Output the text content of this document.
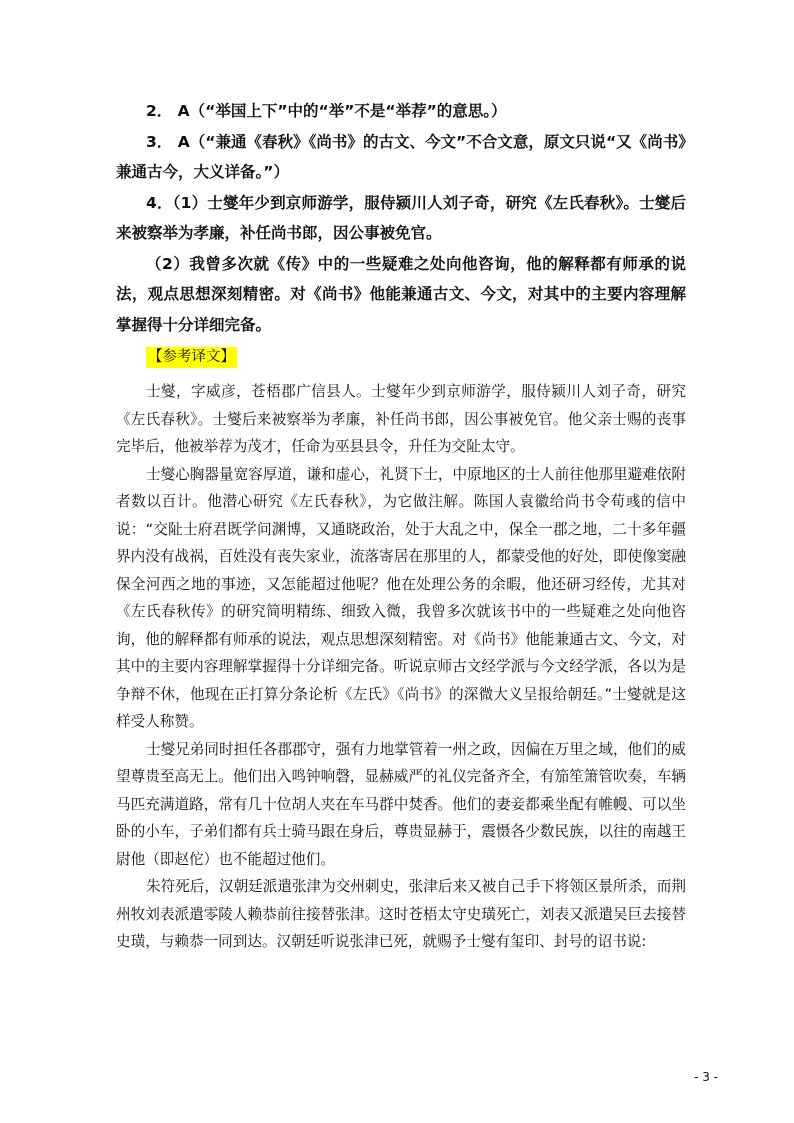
2． A（“举国上下”中的“举”不是“举荐”的意思。）

3． A（“兼通《春秋》《尚书》的古文、今文”不合文意，原文只说“又《尚书》兼通古今，大义详备。”）

4．（1）士燮年少到京师游学，服侍颍川人刘子奇，研究《左氏春秋》。士燮后来被察举为孝廉，补任尚书郎，因公事被免官。

（2）我曾多次就《传》中的一些疑难之处向他咨询，他的解释都有师承的说法，观点思想深刻精密。对《尚书》他能兼通古文、今文，对其中的主要内容理解掌握得十分详细完备。

【参考译文】

士燮，字威彦，苍梧郡广信县人。士燮年少到京师游学，服侍颍川人刘子奇，研究《左氏春秋》。士燮后来被察举为孝廉，补任尚书郎，因公事被免官。他父亲士赐的丧事完毕后，他被举荐为茂才，任命为巫县县令，升任为交阯太守。

士燮心胸器量宽容厚道，谦和虚心，礼贤下士，中原地区的士人前往他那里避难依附者数以百计。他潜心研究《左氏春秋》，为它做注解。陈国人袁徽给尚书令荀彧的信中说：“交阯士府君既学问渊博，又通晓政治，处于大乱之中，保全一郡之地，二十多年疆界内没有战祸，百姓没有丧失家业，流落寄居在那里的人，都蒙受他的好处，即使像窦融保全河西之地的事迹，又怎能超过他呢？他在处理公务的余暇，他还研习经传，尤其对《左氏春秋传》的研究简明精练、细致入微，我曾多次就该书中的一些疑难之处向他咨询，他的解释都有师承的说法，观点思想深刻精密。对《尚书》他能兼通古文、今文，对其中的主要内容理解掌握得十分详细完备。听说京师古文经学派与今文经学派，各以为是争辩不休，他现在正打算分条论析《左氏》《尚书》的深微大义呈报给朝廷。”士燮就是这样受人称赞。

士燮兄弟同时担任各郡郡守，强有力地掌管着一州之政，因偏在万里之域，他们的威望尊贵至高无上。他们出入鸣钟响磬，显赫威严的礼仪完备齐全，有笳笙箫管吹奏，车辆马匹充满道路，常有几十位胡人夹在车马群中焚香。他们的妻妾都乘坐配有帷幔、可以坐卧的小车，子弟们都有兵士骑马跟在身后，尊贵显赫于，震慑各少数民族，以往的南越王尉他（即赵佗）也不能超过他们。

朱符死后，汉朝廷派遣张津为交州刺史，张津后来又被自己手下将领区景所杀，而荆州牧刘表派遣零陵人赖恭前往接替张津。这时苍梧太守史璜死亡，刘表又派遣吴巨去接替史璜，与赖恭一同到达。汉朝廷听说张津已死，就赐予士燮有玺印、封号的诏书说:

- 3 -
